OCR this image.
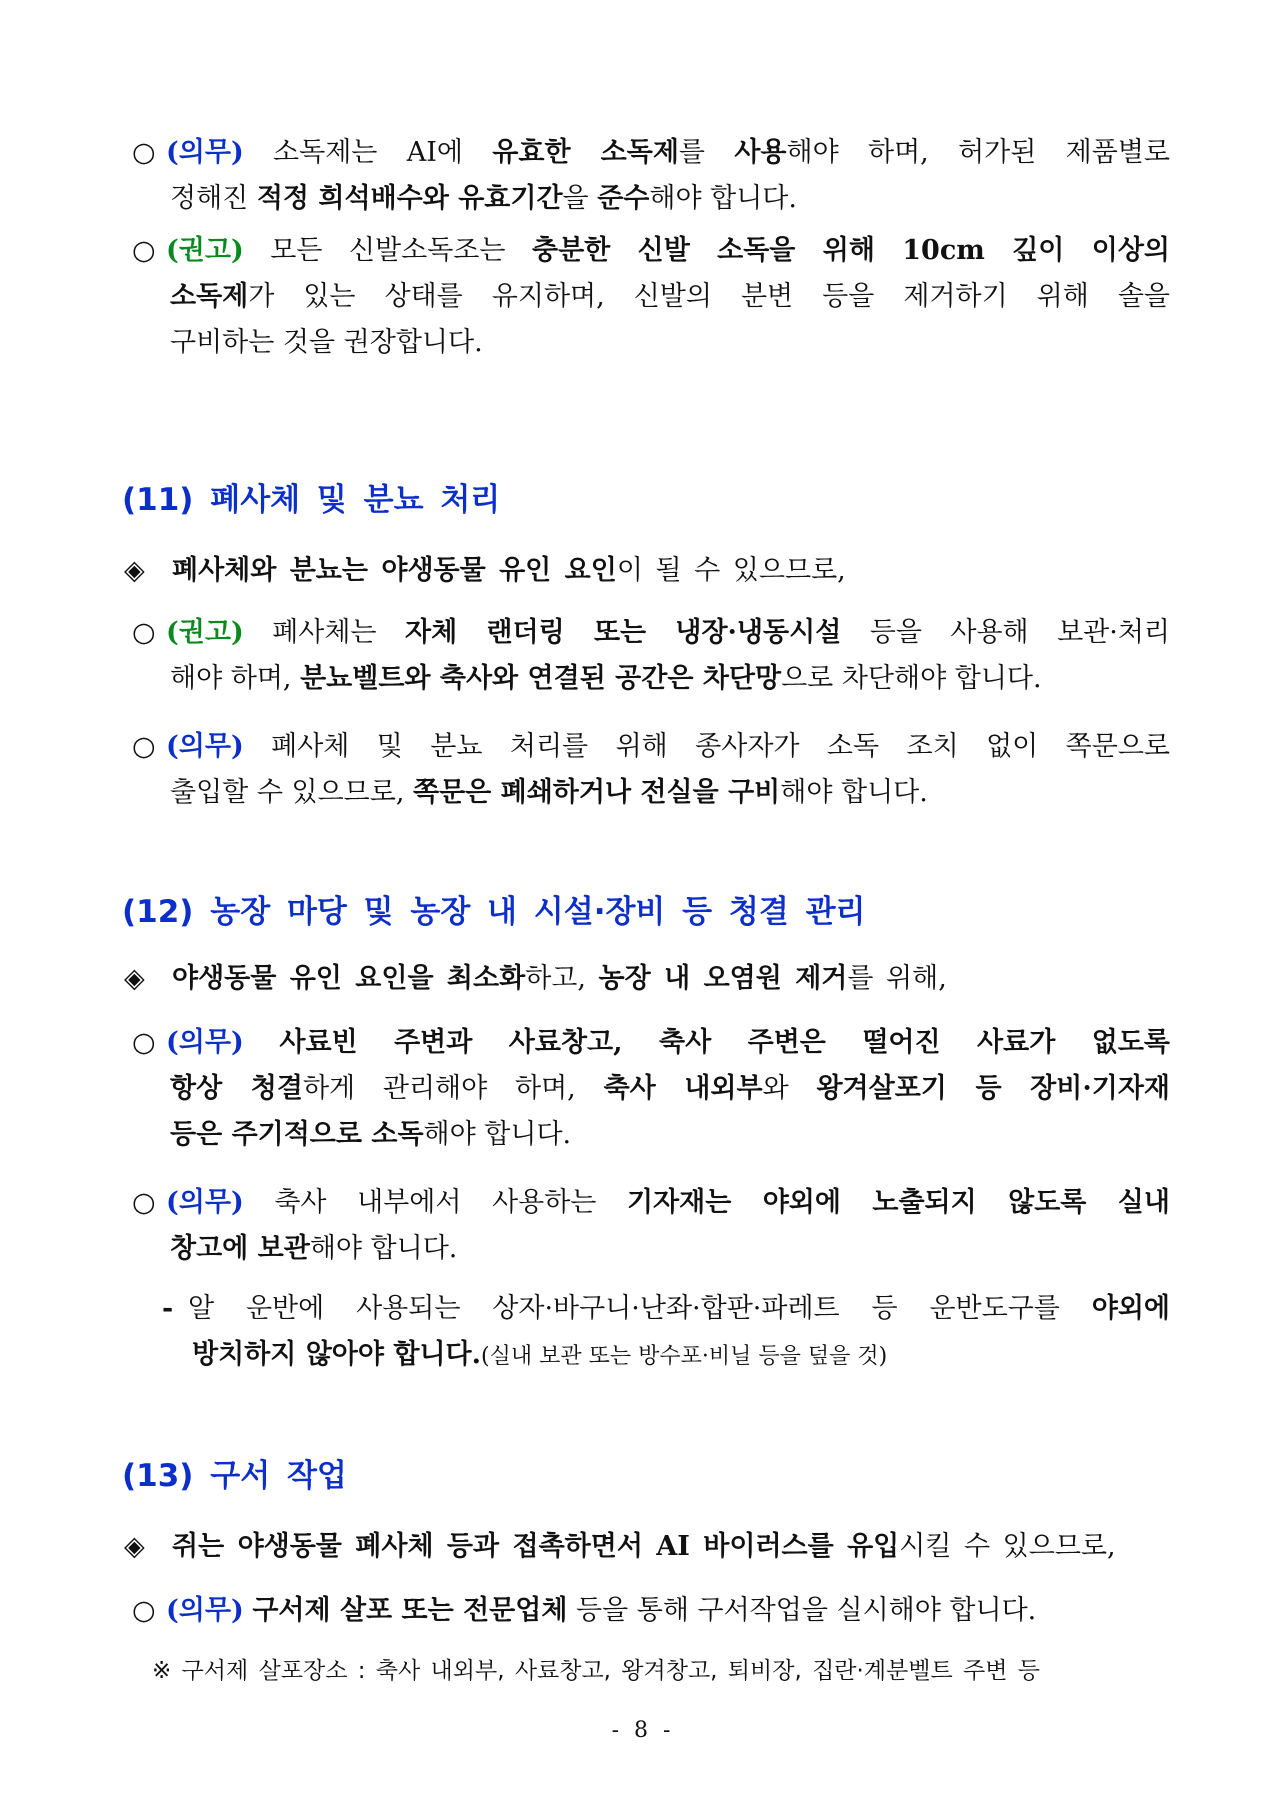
○ (의무) 소독제는 AI에 유효한 소독제를 사용해야 하며, 허가된 제품별로
정해진 적정 희석배수와 유효기간을 준수해야 합니다.
○ (권고) 모든 신발소독조는 충분한 신발 소독을 위해 10cm 깊이 이상의
소독제가 있는 상태를 유지하며, 신발의 분변 등을 제거하기 위해 솔을
구비하는 것을 권장합니다.
(11) 폐사체 및 분뇨 처리
◈ 폐사체와 분뇨는 야생동물 유인 요인이 될 수 있으므로,
○ (권고) 폐사체는 자체 랜더링 또는 냉장·냉동시설 등을 사용해 보관·처리
해야 하며, 분뇨벨트와 축사와 연결된 공간은 차단망으로 차단해야 합니다.
○ (의무) 폐사체 및 분뇨 처리를 위해 종사자가 소독 조치 없이 쪽문으로
출입할 수 있으므로, 쪽문은 폐쇄하거나 전실을 구비해야 합니다.
(12) 농장 마당 및 농장 내 시설·장비 등 청결 관리
◈ 야생동물 유인 요인을 최소화하고, 농장 내 오염원 제거를 위해,
○ (의무) 사료빈 주변과 사료창고, 축사 주변은 떨어진 사료가 없도록
항상 청결하게 관리해야 하며, 축사 내외부와 왕겨살포기 등 장비·기자재
등은 주기적으로 소독해야 합니다.
○ (의무) 축사 내부에서 사용하는 기자재는 야외에 노출되지 않도록 실내
창고에 보관해야 합니다.
- 알 운반에 사용되는 상자·바구니·난좌·합판·파레트 등 운반도구를 야외에
방치하지 않아야 합니다.(실내 보관 또는 방수포·비닐 등을 덮을 것)
(13) 구서 작업
◈ 쥐는 야생동물 폐사체 등과 접촉하면서 AI 바이러스를 유입시킬 수 있으므로,
○ (의무) 구서제 살포 또는 전문업체 등을 통해 구서작업을 실시해야 합니다.
※ 구서제 살포장소 : 축사 내외부, 사료창고, 왕겨창고, 퇴비장, 집란·계분벨트 주변 등
- 8 -
